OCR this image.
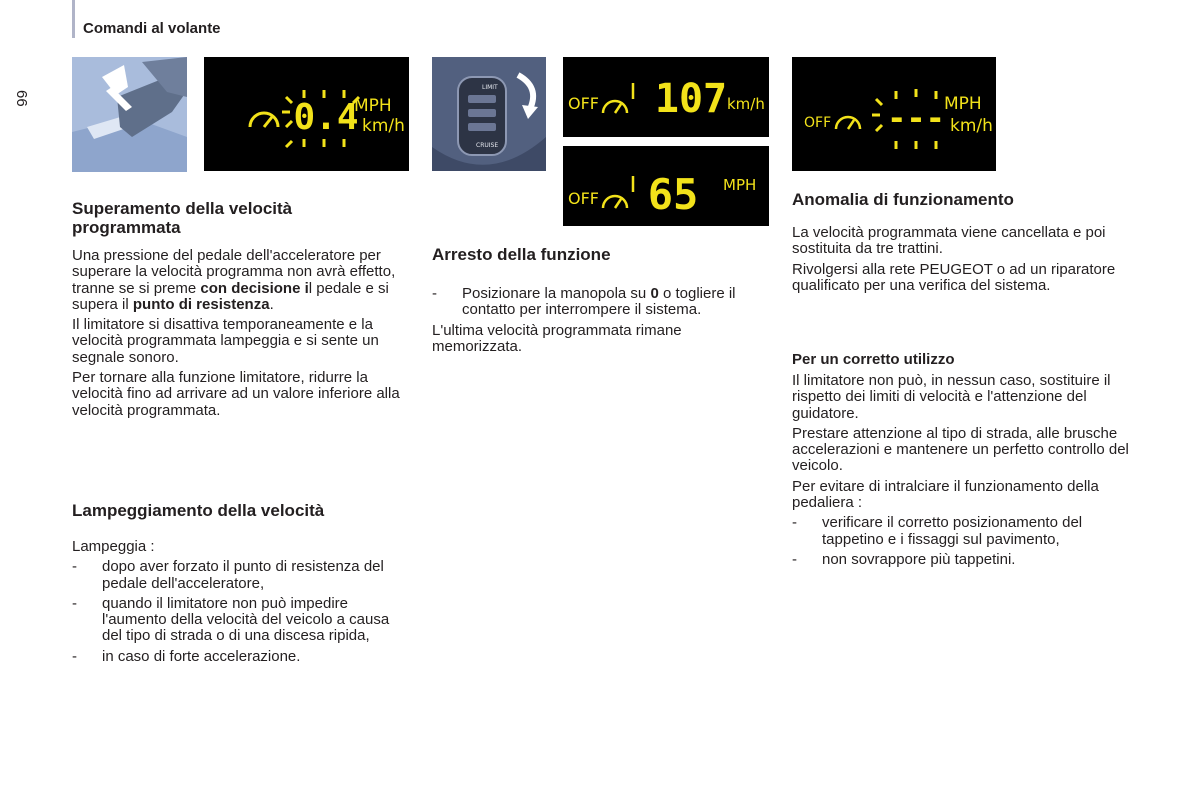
Comandi al volante
66	0.4
MPH
km/h
LIMIT
CRUISE
OFF 107 km/h
OFF 65 MPH
OFF --- MPH
km/h
Superamento della velocità
programmata

Una pressione del pedale dell'acceleratore per superare la velocità programma non avrà effetto, tranne se si preme con decisione il pedale e si supera il punto di resistenza.

Il limitatore si disattiva temporaneamente e la velocità programmata lampeggia e si sente un segnale sonoro.

Per tornare alla funzione limitatore, ridurre la velocità fino ad arrivare ad un valore inferiore alla velocità programmata.

Lampeggiamento della velocità

Lampeggia :

- dopo aver forzato il punto di resistenza del pedale dell'acceleratore,
- quando il limitatore non può impedire l'aumento della velocità del veicolo a causa del tipo di strada o di una discesa ripida,
- in caso di forte accelerazione.
Arresto della funzione
- Posizionare la manopola su 0 o togliere il contatto per interrompere il sistema.

L'ultima velocità programmata rimane memorizzata.

Anomalia di funzionamento

La velocità programmata viene cancellata e poi sostituita da tre trattini.

Rivolgersi alla rete PEUGEOT o ad un riparatore qualificato per una verifica del sistema.

Per un corretto utilizzo

Il limitatore non può, in nessun caso, sostituire il rispetto dei limiti di velocità e l'attenzione del guidatore.

Prestare attenzione al tipo di strada, alle brusche accelerazioni e mantenere un perfetto controllo del veicolo.

Per evitare di intralciare il funzionamento della pedaliera :

- verificare il corretto posizionamento del tappetino e i fissaggi sul pavimento,
- non sovrappore più tappetini.
